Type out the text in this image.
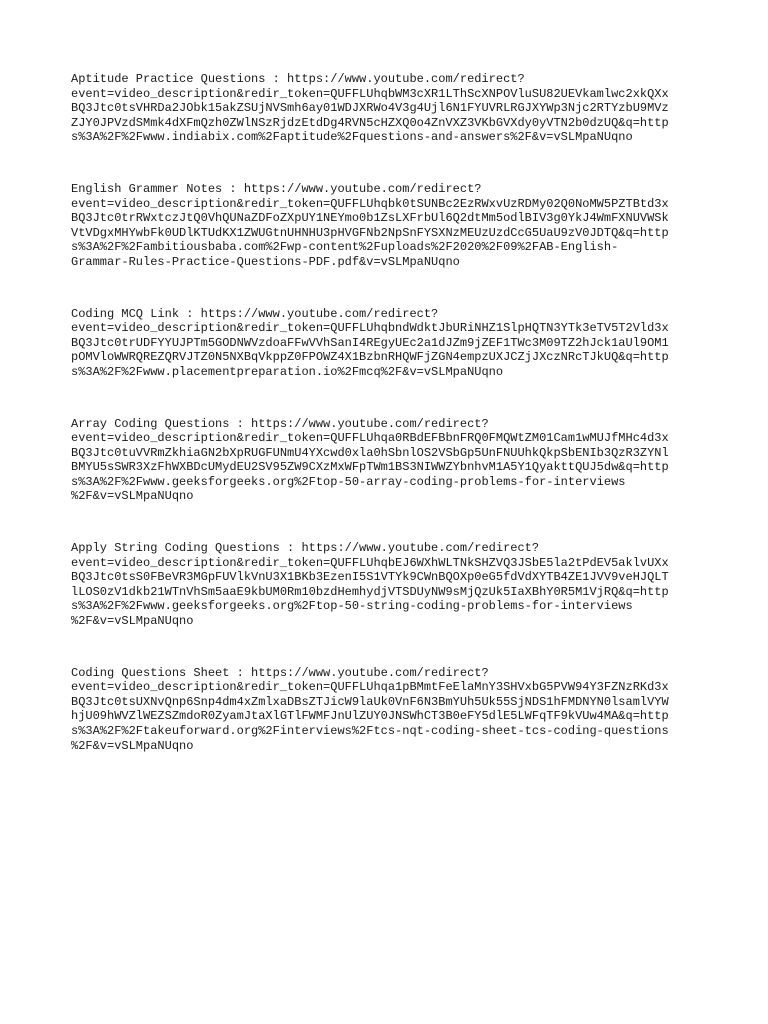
Aptitude Practice Questions : https://www.youtube.com/redirect?
event=video_description&redir_token=QUFFLUhqbWM3cXR1LThScXNPOVluSU82UEVkamlwc2xkQXx
BQ3Jtc0tsVHRDa2JObk15akZSUjNVSmh6ay01WDJXRWo4V3g4Ujl6N1FYUVRLRGJXYWp3Njc2RTYzbU9MVz
ZJY0JPVzdSMmk4dXFmQzh0ZWlNSzRjdzEtdDg4RVN5cHZXQ0o4ZnVXZ3VKbGVXdy0yVTN2b0dzUQ&q=http
s%3A%2F%2Fwww.indiabix.com%2Faptitude%2Fquestions-and-answers%2F&v=vSLMpaNUqno
English Grammer Notes : https://www.youtube.com/redirect?
event=video_description&redir_token=QUFFLUhqbk0tSUNBc2EzRWxvUzRDMy02Q0NoMW5PZTBtd3x
BQ3Jtc0trRWxtczJtQ0VhQUNaZDFoZXpUY1NEYmo0b1ZsLXFrbUl6Q2dtMm5odlBIV3g0YkJ4WmFXNUVWSk
VtVDgxMHYwbFk0UDlKTUdKX1ZWUGtnUHNHU3pHVGFNb2NpSnFYSXNzMEUzUzdCcG5UaU9zV0JDTQ&q=http
s%3A%2F%2Fambitiousbaba.com%2Fwp-content%2Fuploads%2F2020%2F09%2FAB-English-
Grammar-Rules-Practice-Questions-PDF.pdf&v=vSLMpaNUqno
Coding MCQ Link : https://www.youtube.com/redirect?
event=video_description&redir_token=QUFFLUhqbndWdktJbURiNHZ1SlpHQTN3YTk3eTV5T2Vld3x
BQ3Jtc0trUDFYYUJPTm5GODNWVzdoaFFwVVhSanI4REgyUEc2a1dJZm9jZEF1TWc3M09TZ2hJck1aUl9OM1
pOMVloWWRQREZQRVJTZ0N5NXBqVkppZ0FPOWZ4X1BzbnRHQWFjZGN4empzUXJCZjJXczNRcTJkUQ&q=http
s%3A%2F%2Fwww.placementpreparation.io%2Fmcq%2F&v=vSLMpaNUqno
Array Coding Questions : https://www.youtube.com/redirect?
event=video_description&redir_token=QUFFLUhqa0RBdEFBbnFRQ0FMQWtZM01Cam1wMUJfMHc4d3x
BQ3Jtc0tuVVRmZkhiaGN2bXpRUGFUNmU4YXcwd0xla0hSbnlOS2VSbGp5UnFNUUhkQkpSbENIb3QzR3ZYNl
BMYU5sSWR3XzFhWXBDcUMydEU2SV95ZW9CXzMxWFpTWm1BS3NIWWZYbnhvM1A5Y1QyakttQUJ5dw&q=http
s%3A%2F%2Fwww.geeksforgeeks.org%2Ftop-50-array-coding-problems-for-interviews
%2F&v=vSLMpaNUqno
Apply String Coding Questions : https://www.youtube.com/redirect?
event=video_description&redir_token=QUFFLUhqbEJ6WXhWLTNkSHZVQ3JSbE5la2tPdEV5aklvUXx
BQ3Jtc0tsS0FBeVR3MGpFUVlkVnU3X1BKb3EzenI5S1VTYk9CWnBQOXp0eG5fdVdXYTB4ZE1JVV9veHJQLT
lLOS0zV1dkb21WTnVhSm5aaE9kbUM0Rm10bzdHemhydjVTSDUyNW9sMjQzUk5IaXBhY0R5M1VjRQ&q=http
s%3A%2F%2Fwww.geeksforgeeks.org%2Ftop-50-string-coding-problems-for-interviews
%2F&v=vSLMpaNUqno
Coding Questions Sheet : https://www.youtube.com/redirect?
event=video_description&redir_token=QUFFLUhqa1pBMmtFeElaMnY3SHVxbG5PVW94Y3FZNzRKd3x
BQ3Jtc0tsUXNvQnp6Snp4dm4xZmlxaDBsZTJicW9laUk0VnF6N3BmYUh5Uk55SjNDS1hFMDNYN0lsamlVYW
hjU09hWVZlWEZSZmdoR0ZyamJtaXlGTlFWMFJnUlZUY0JNSWhCT3B0eFY5dlE5LWFqTF9kVUw4MA&q=http
s%3A%2F%2Ftakeuforward.org%2Finterviews%2Ftcs-nqt-coding-sheet-tcs-coding-questions
%2F&v=vSLMpaNUqno
